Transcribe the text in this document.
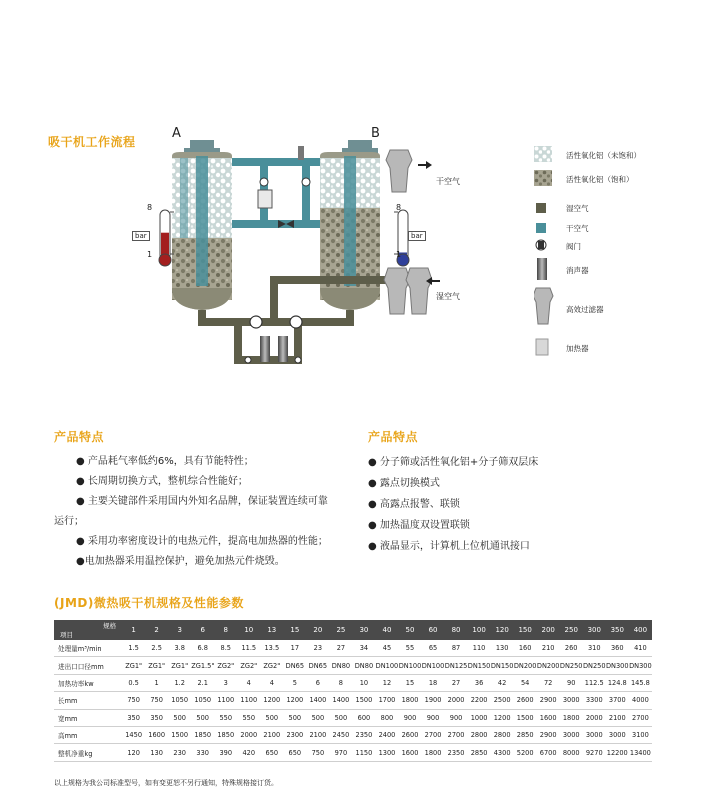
吸干机工作流程
A	B
8
1
bar
8
1
bar
干空气
湿空气
活性氧化铝（未饱和）
活性氧化铝（饱和）
湿空气
干空气
阀门
消声器
高效过滤器
加热器
产品特点
● 产品耗气率低约6%，具有节能特性；
● 长周期切换方式，整机综合性能好；
● 主要关键部件采用国内外知名品牌，保证装置连续可靠
运行；
● 采用功率密度设计的电热元件，提高电加热器的性能；
●电加热器采用温控保护，避免加热元件烧毁。
产品特点
● 分子筛或活性氧化铝+分子筛双层床
● 露点切换模式
● 高露点报警、联锁
● 加热温度双设置联锁
● 液晶显示，计算机上位机通讯接口
(JMD)微热吸干机规格及性能参数
规格
项目	1	2	3	6	8	10	13	15	20	25	30	40	50	60	80	100	120	150	200	250	300	350	400
处理量m³/min	1.5	2.5	3.8	6.8	8.5	11.5	13.5	17	23	27	34	45	55	65	87	110	130	160	210	260	310	360	410
进出口口径mm	ZG1"	ZG1"	ZG1"	ZG1.5"	ZG2"	ZG2"	ZG2"	DN65	DN65	DN80	DN80	DN100	DN100	DN100	DN125	DN150	DN150	DN200	DN200	DN250	DN250	DN300	DN300
加热功率kw	0.5	1	1.2	2.1	3	4	4	5	6	8	10	12	15	18	27	36	42	54	72	90	112.5	124.8	145.8
长mm	750	750	1050	1050	1100	1100	1200	1200	1400	1400	1500	1700	1800	1900	2000	2200	2500	2600	2900	3000	3300	3700	4000
宽mm	350	350	500	500	550	550	500	500	500	500	600	800	900	900	900	1000	1200	1500	1600	1800	2000	2100	2700
高mm	1450	1600	1500	1850	1850	2000	2100	2300	2100	2450	2350	2400	2600	2700	2700	2800	2800	2850	2900	3000	3000	3000	3100
整机净重kg	120	130	230	330	390	420	650	650	750	970	1150	1300	1600	1800	2350	2850	4300	5200	6700	8000	9270	12200	13400
以上规格为我公司标准型号，如有变更恕不另行通知，特殊规格接订货。
